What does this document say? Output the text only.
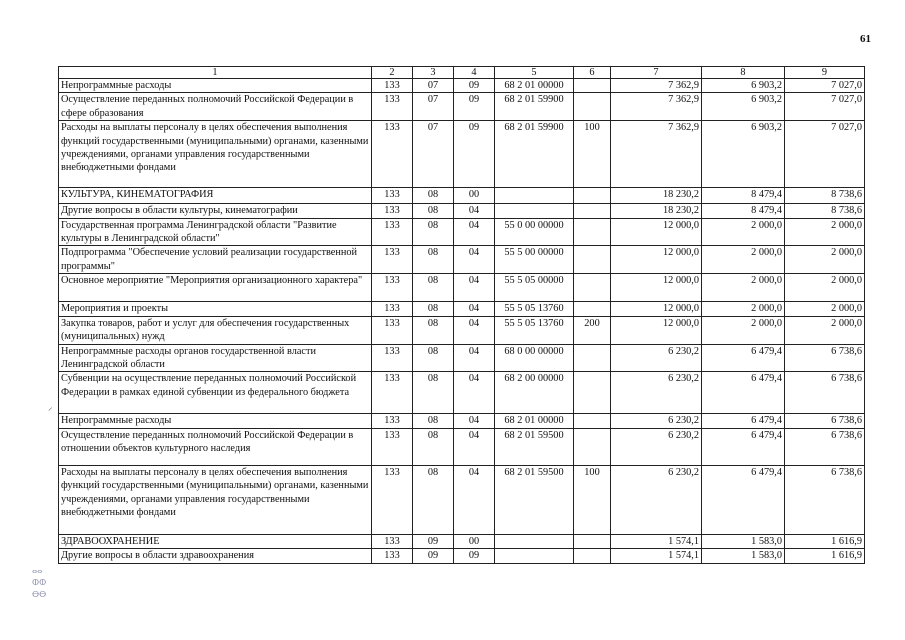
61
ⴰⴰ
ⵀⵀ
ⴱⴱ
⸝
1	2	3	4	5	6	7	8	9
Непрограммные расходы	133	07	09	68 2 01 00000		7 362,9	6 903,2	7 027,0
Осуществление переданных полномочий Российской Федерации в сфере образования	133	07	09	68 2 01 59900		7 362,9	6 903,2	7 027,0
Расходы на выплаты персоналу в целях обеспечения выполнения функций государственными (муниципальными) органами, казенными учреждениями, органами управления государственными внебюджетными фондами	133	07	09	68 2 01 59900	100	7 362,9	6 903,2	7 027,0
КУЛЬТУРА, КИНЕМАТОГРАФИЯ	133	08	00			18 230,2	8 479,4	8 738,6
Другие вопросы в области культуры, кинематографии	133	08	04			18 230,2	8 479,4	8 738,6
Государственная программа Ленинградской области "Развитие культуры в Ленинградской области"	133	08	04	55 0 00 00000		12 000,0	2 000,0	2 000,0
Подпрограмма "Обеспечение условий реализации государственной программы"	133	08	04	55 5 00 00000		12 000,0	2 000,0	2 000,0
Основное мероприятие "Мероприятия организационного характера"	133	08	04	55 5 05 00000		12 000,0	2 000,0	2 000,0
Мероприятия и проекты	133	08	04	55 5 05 13760		12 000,0	2 000,0	2 000,0
Закупка товаров, работ и услуг для обеспечения государственных (муниципальных) нужд	133	08	04	55 5 05 13760	200	12 000,0	2 000,0	2 000,0
Непрограммные расходы органов государственной власти Ленинградской области	133	08	04	68 0 00 00000		6 230,2	6 479,4	6 738,6
Субвенции на осуществление переданных полномочий Российской Федерации в рамках единой субвенции из федерального бюджета	133	08	04	68 2 00 00000		6 230,2	6 479,4	6 738,6
Непрограммные расходы	133	08	04	68 2 01 00000		6 230,2	6 479,4	6 738,6
Осуществление переданных полномочий Российской Федерации в отношении объектов культурного наследия	133	08	04	68 2 01 59500		6 230,2	6 479,4	6 738,6
Расходы на выплаты персоналу в целях обеспечения выполнения функций государственными (муниципальными) органами, казенными учреждениями, органами управления государственными внебюджетными фондами	133	08	04	68 2 01 59500	100	6 230,2	6 479,4	6 738,6
ЗДРАВООХРАНЕНИЕ	133	09	00			1 574,1	1 583,0	1 616,9
Другие вопросы в области здравоохранения	133	09	09			1 574,1	1 583,0	1 616,9
